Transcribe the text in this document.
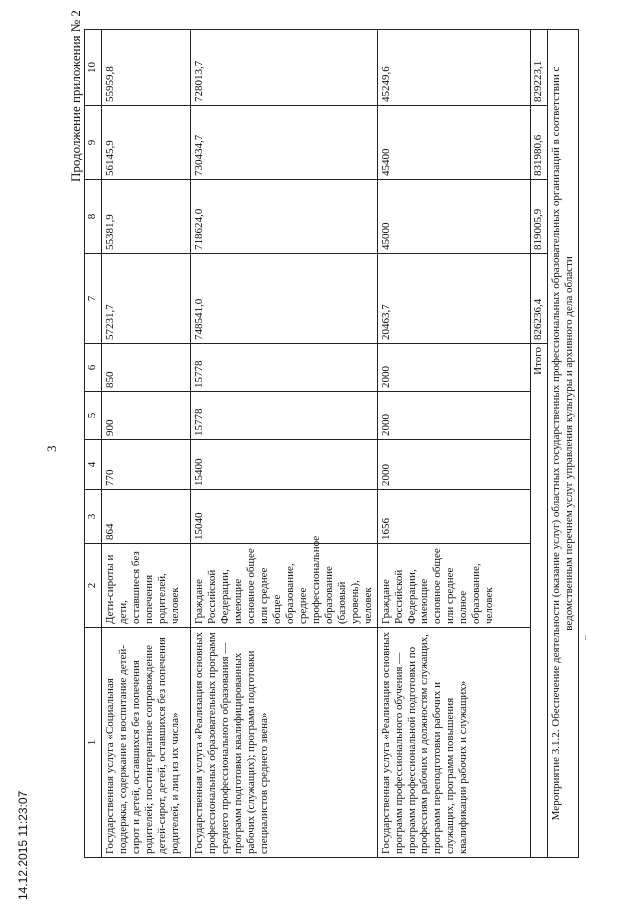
3
Продолжение приложения № 2
–
1	2	3	4	5	6	7	8	9	10
Государственная услуга «Социальная поддержка, содержание и воспитание детей-сирот и детей, оставшихся без попечения родителей; постинтернатное сопровождение детей-сирот, детей, оставшихся без попечения родителей, и лиц из их числа»	Дети-сироты и дети, оставшиеся без попечения родителей, человек	864	770	900	850	57231,7	55381,9	56145,9	55959,8
Государственная услуга «Реализация основных профессиональных образовательных программ среднего профессионального образования — программ подготовки квалифицированных рабочих (служащих); программ подготовки специалистов среднего звена»	Граждане Российской Федерации, имеющие основное общее или среднее общее образование, среднее профессиональное образование (базовый уровень), человек	15040	15400	15778	15778	748541,0	718624,0	730434,7	728013,7
Государственная услуга «Реализация основных программ профессионального обучения — программ профессиональной подготовки по профессиям рабочих и должностям служащих, программ переподготовки рабочих и служащих, программ повышения квалификации рабочих и служащих»	Граждане Российской Федерации, имеющие основное общее или среднее полное образование, человек	1656	2000	2000	2000	20463,7	45000	45400	45249,6
Итого						826236,4	819005,9	831980,6	829223,1
Мероприятие 3.1.2. Обеспечение деятельности (оказание услуг) областных государственных профессиональных образовательных организаций в соответствии с ведомственным перечнем услуг управления культуры и архивного дела области									
14.12.2015 11:23:07
